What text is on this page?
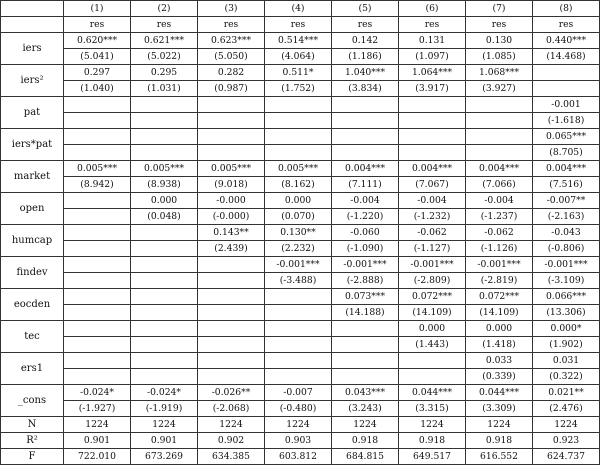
	(1)	(2)	(3)	(4)	(5)	(6)	(7)	(8)
	res	res	res	res	res	res	res	res
iers	0.620***	0.621***	0.623***	0.514***	0.142	0.131	0.130	0.440***
	(5.041)	(5.022)	(5.050)	(4.064)	(1.186)	(1.097)	(1.085)	(14.468)
iers²	0.297	0.295	0.282	0.511*	1.040***	1.064***	1.068***	
	(1.040)	(1.031)	(0.987)	(1.752)	(3.834)	(3.917)	(3.927)	
pat								-0.001
								(-1.618)
iers*pat								0.065***
								(8.705)
market	0.005***	0.005***	0.005***	0.005***	0.004***	0.004***	0.004***	0.004***
	(8.942)	(8.938)	(9.018)	(8.162)	(7.111)	(7.067)	(7.066)	(7.516)
open		0.000	-0.000	0.000	-0.004	-0.004	-0.004	-0.007**
		(0.048)	(-0.000)	(0.070)	(-1.220)	(-1.232)	(-1.237)	(-2.163)
humcap			0.143**	0.130**	-0.060	-0.062	-0.062	-0.043
			(2.439)	(2.232)	(-1.090)	(-1.127)	(-1.126)	(-0.806)
findev				-0.001***	-0.001***	-0.001***	-0.001***	-0.001***
				(-3.488)	(-2.888)	(-2.809)	(-2.819)	(-3.109)
eocden					0.073***	0.072***	0.072***	0.066***
					(14.188)	(14.109)	(14.109)	(13.306)
tec						0.000	0.000	0.000*
						(1.443)	(1.418)	(1.902)
ers1							0.033	0.031
							(0.339)	(0.322)
_cons	-0.024*	-0.024*	-0.026**	-0.007	0.043***	0.044***	0.044***	0.021**
	(-1.927)	(-1.919)	(-2.068)	(-0.480)	(3.243)	(3.315)	(3.309)	(2.476)
N	1224	1224	1224	1224	1224	1224	1224	1224
R²	0.901	0.901	0.902	0.903	0.918	0.918	0.918	0.923
F	722.010	673.269	634.385	603.812	684.815	649.517	616.552	624.737
